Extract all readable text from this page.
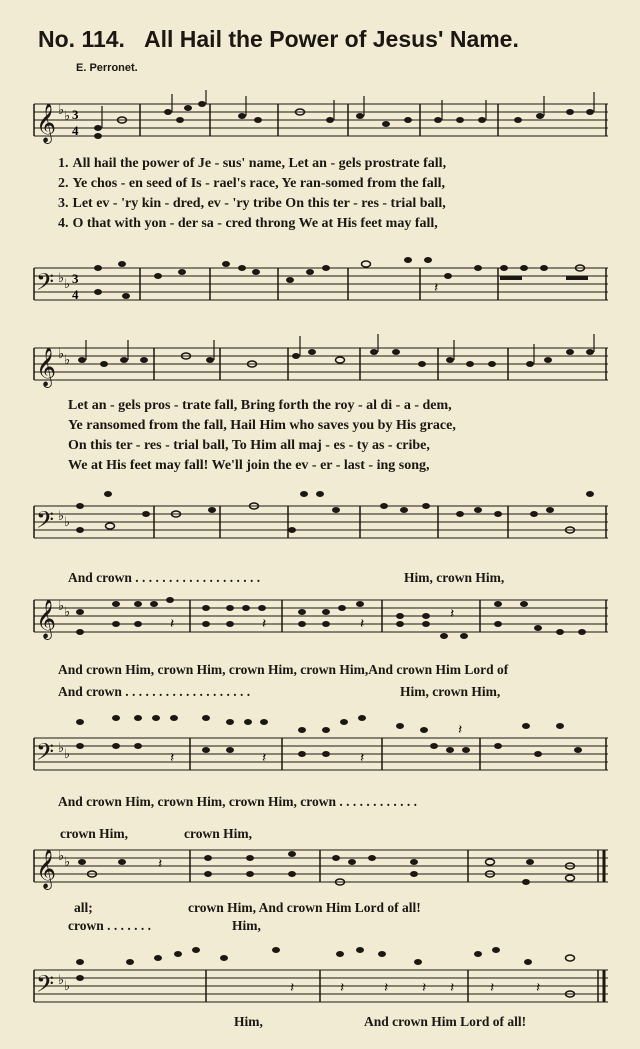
No. 114. All Hail the Power of Jesus' Name.
E. Perronet.
𝄞 ♭ ♭ 3
4
1. All hail the power of Je - sus' name, Let an - gels prostrate fall,
2. Ye chos - en seed of Is - rael's race, Ye ran-somed from the fall,
3. Let ev - 'ry kin - dred, ev - 'ry tribe On this ter - res - trial ball,
4. O that with yon - der sa - cred throng We at His feet may fall,
𝄢 ♭ ♭ 3
4	𝄽
𝄞 ♭ ♭
Let an - gels pros - trate fall, Bring forth the roy - al di - a - dem,
Ye ransomed from the fall, Hail Him who saves you by His grace,
On this ter - res - trial ball, To Him all maj - es - ty as - cribe,
We at His feet may fall! We'll join the ev - er - last - ing song,
𝄢 ♭ ♭
And crown . . . . . . . . . . . . . . . . . . .	Him, crown Him,
𝄞 ♭ ♭
𝄽	𝄽	𝄽
𝄽
And crown Him, crown Him, crown Him, crown Him,And crown Him Lord of
And crown . . . . . . . . . . . . . . . . . . .	Him, crown Him,
𝄢 ♭ ♭	𝄽	𝄽	𝄽
𝄽
And crown Him, crown Him, crown Him, crown . . . . . . . . . . . .
crown Him,	crown Him,
𝄞 ♭ ♭	𝄽
all;	crown Him, And crown Him Lord of all!
crown . . . . . . .	Him,
𝄢 ♭ ♭	𝄽	𝄽	𝄽 𝄽 𝄽	𝄽	𝄽
Him,	And crown Him Lord of all!
